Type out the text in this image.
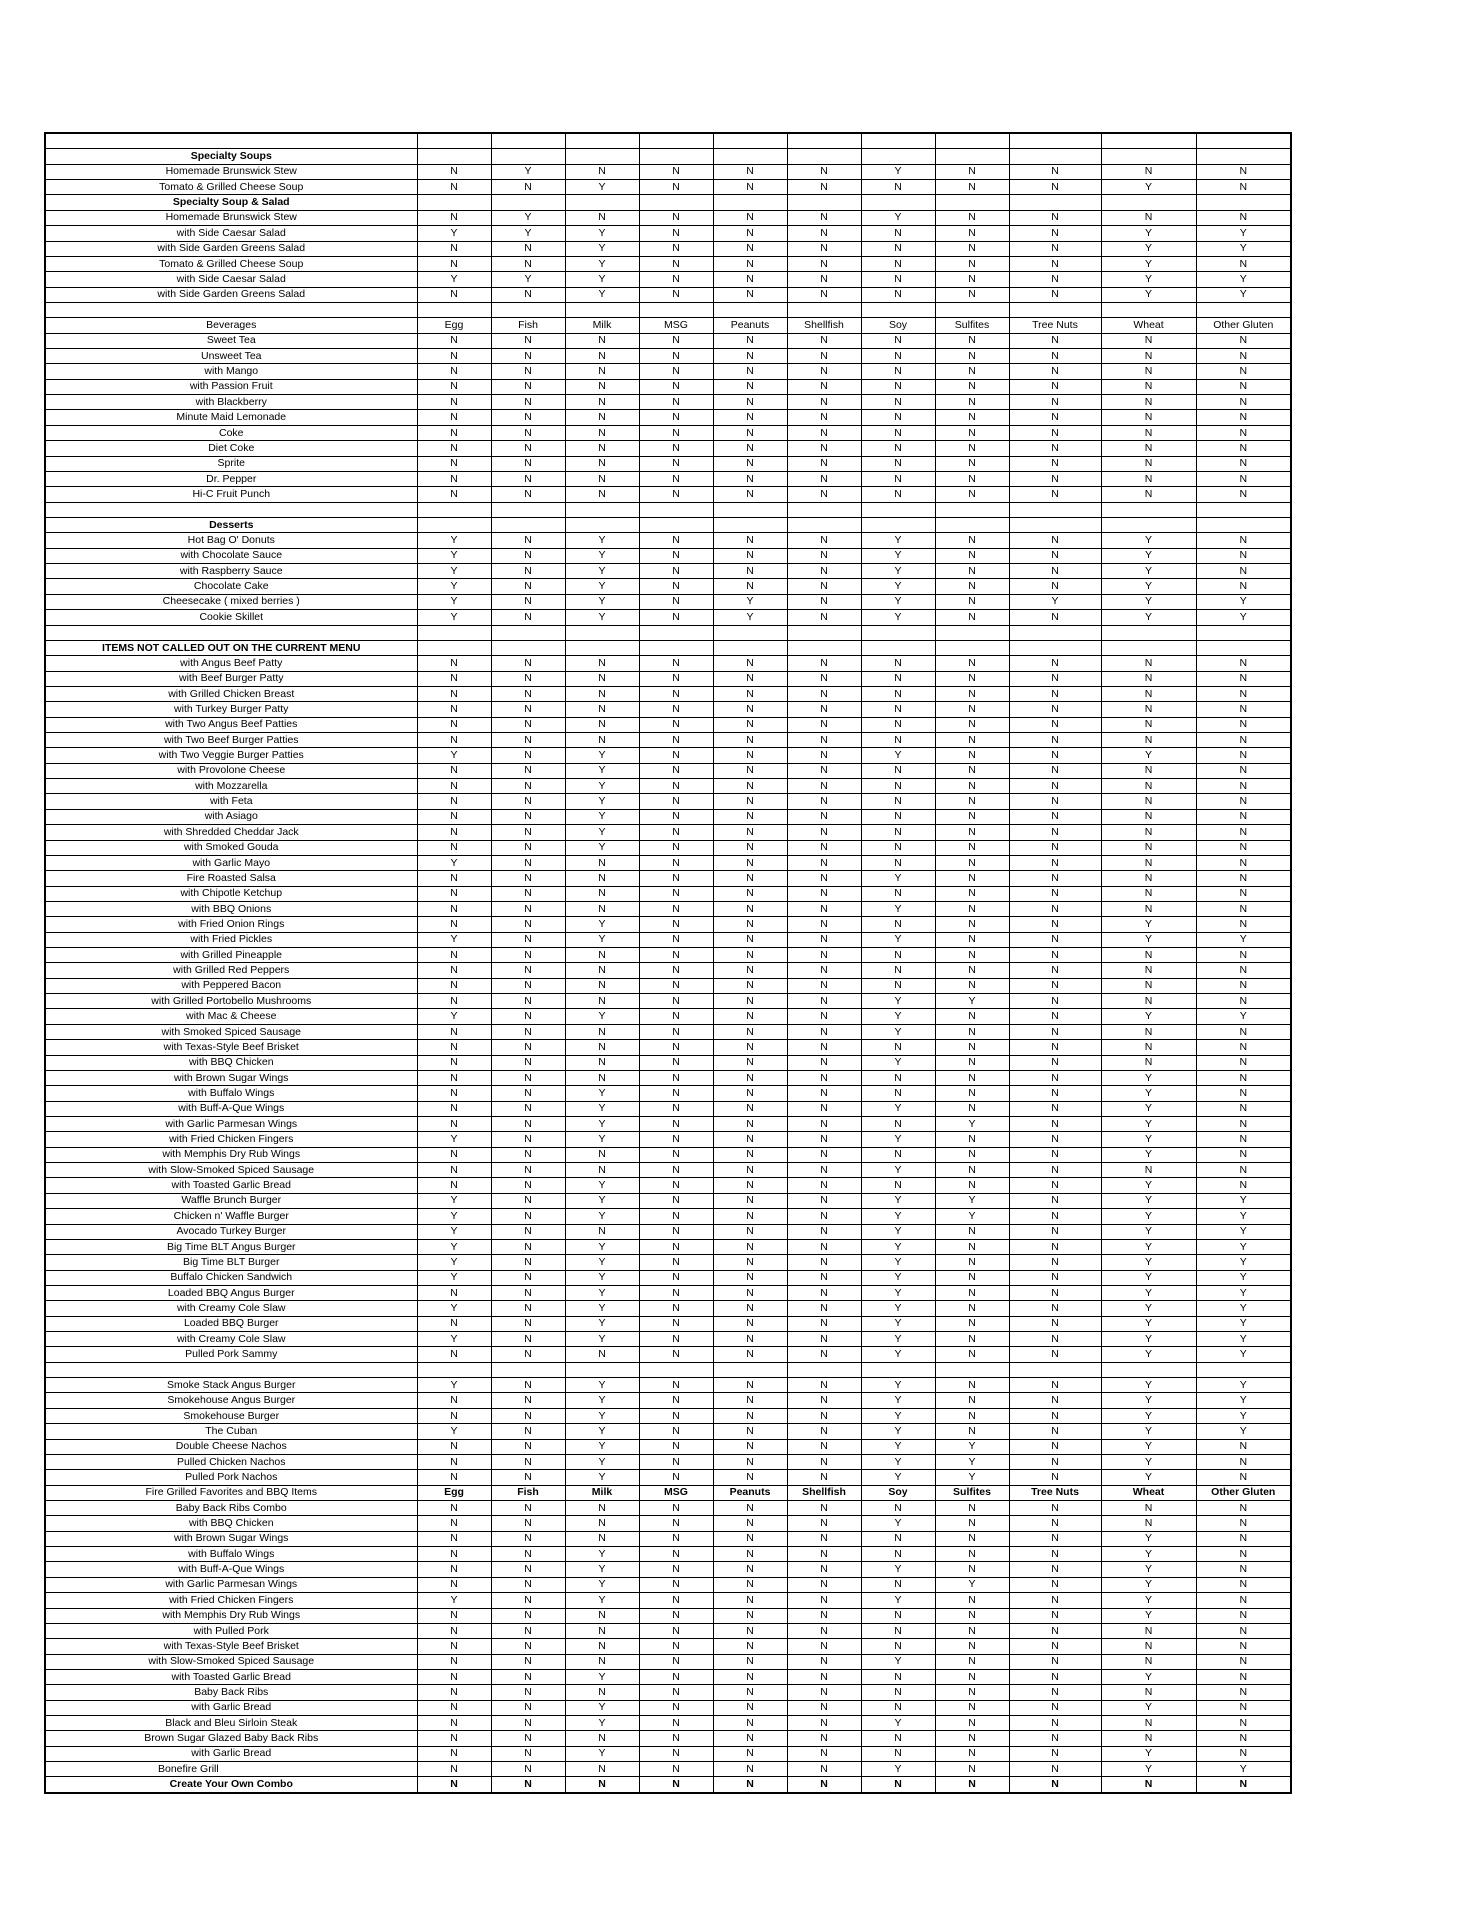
Specialty Soups											
Homemade Brunswick Stew	N	Y	N	N	N	N	Y	N	N	N	N
Tomato & Grilled Cheese Soup	N	N	Y	N	N	N	N	N	N	Y	N
Specialty Soup & Salad											
Homemade Brunswick Stew	N	Y	N	N	N	N	Y	N	N	N	N
with Side Caesar Salad	Y	Y	Y	N	N	N	N	N	N	Y	Y
with Side Garden Greens Salad	N	N	Y	N	N	N	N	N	N	Y	Y
Tomato & Grilled Cheese Soup	N	N	Y	N	N	N	N	N	N	Y	N
with Side Caesar Salad	Y	Y	Y	N	N	N	N	N	N	Y	Y
with Side Garden Greens Salad	N	N	Y	N	N	N	N	N	N	Y	Y

Beverages	Egg	Fish	Milk	MSG	Peanuts	Shellfish	Soy	Sulfites	Tree Nuts	Wheat	Other Gluten
Sweet Tea	N	N	N	N	N	N	N	N	N	N	N
Unsweet Tea	N	N	N	N	N	N	N	N	N	N	N
with Mango	N	N	N	N	N	N	N	N	N	N	N
with Passion Fruit	N	N	N	N	N	N	N	N	N	N	N
with Blackberry	N	N	N	N	N	N	N	N	N	N	N
Minute Maid Lemonade	N	N	N	N	N	N	N	N	N	N	N
Coke	N	N	N	N	N	N	N	N	N	N	N
Diet Coke	N	N	N	N	N	N	N	N	N	N	N
Sprite	N	N	N	N	N	N	N	N	N	N	N
Dr. Pepper	N	N	N	N	N	N	N	N	N	N	N
Hi-C Fruit Punch	N	N	N	N	N	N	N	N	N	N	N

Desserts											
Hot Bag O' Donuts	Y	N	Y	N	N	N	Y	N	N	Y	N
with Chocolate Sauce	Y	N	Y	N	N	N	Y	N	N	Y	N
with Raspberry Sauce	Y	N	Y	N	N	N	Y	N	N	Y	N
Chocolate Cake	Y	N	Y	N	N	N	Y	N	N	Y	N
Cheesecake ( mixed berries )	Y	N	Y	N	Y	N	Y	N	Y	Y	Y
Cookie Skillet	Y	N	Y	N	Y	N	Y	N	N	Y	Y

ITEMS NOT CALLED OUT ON THE CURRENT MENU											
with Angus Beef Patty	N	N	N	N	N	N	N	N	N	N	N
with Beef Burger Patty	N	N	N	N	N	N	N	N	N	N	N
with Grilled Chicken Breast	N	N	N	N	N	N	N	N	N	N	N
with Turkey Burger Patty	N	N	N	N	N	N	N	N	N	N	N
with Two Angus Beef Patties	N	N	N	N	N	N	N	N	N	N	N
with Two Beef Burger Patties	N	N	N	N	N	N	N	N	N	N	N
with Two Veggie Burger Patties	Y	N	Y	N	N	N	Y	N	N	Y	N
with Provolone Cheese	N	N	Y	N	N	N	N	N	N	N	N
with Mozzarella	N	N	Y	N	N	N	N	N	N	N	N
with Feta	N	N	Y	N	N	N	N	N	N	N	N
with Asiago	N	N	Y	N	N	N	N	N	N	N	N
with Shredded Cheddar Jack	N	N	Y	N	N	N	N	N	N	N	N
with Smoked Gouda	N	N	Y	N	N	N	N	N	N	N	N
with Garlic Mayo	Y	N	N	N	N	N	N	N	N	N	N
Fire Roasted Salsa	N	N	N	N	N	N	Y	N	N	N	N
with Chipotle Ketchup	N	N	N	N	N	N	N	N	N	N	N
with BBQ Onions	N	N	N	N	N	N	Y	N	N	N	N
with Fried Onion Rings	N	N	Y	N	N	N	N	N	N	Y	N
with Fried Pickles	Y	N	Y	N	N	N	Y	N	N	Y	Y
with Grilled Pineapple	N	N	N	N	N	N	N	N	N	N	N
with Grilled Red Peppers	N	N	N	N	N	N	N	N	N	N	N
with Peppered Bacon	N	N	N	N	N	N	N	N	N	N	N
with Grilled Portobello Mushrooms	N	N	N	N	N	N	Y	Y	N	N	N
with Mac & Cheese	Y	N	Y	N	N	N	Y	N	N	Y	Y
with Smoked Spiced Sausage	N	N	N	N	N	N	Y	N	N	N	N
with Texas-Style Beef Brisket	N	N	N	N	N	N	N	N	N	N	N
with BBQ Chicken	N	N	N	N	N	N	Y	N	N	N	N
with Brown Sugar Wings	N	N	N	N	N	N	N	N	N	Y	N
with Buffalo Wings	N	N	Y	N	N	N	N	N	N	Y	N
with Buff-A-Que Wings	N	N	Y	N	N	N	Y	N	N	Y	N
with Garlic Parmesan Wings	N	N	Y	N	N	N	N	Y	N	Y	N
with Fried Chicken Fingers	Y	N	Y	N	N	N	Y	N	N	Y	N
with Memphis Dry Rub Wings	N	N	N	N	N	N	N	N	N	Y	N
with Slow-Smoked Spiced Sausage	N	N	N	N	N	N	Y	N	N	N	N
with Toasted Garlic Bread	N	N	Y	N	N	N	N	N	N	Y	N
Waffle Brunch Burger	Y	N	Y	N	N	N	Y	Y	N	Y	Y
Chicken n' Waffle Burger	Y	N	Y	N	N	N	Y	Y	N	Y	Y
Avocado Turkey Burger	Y	N	N	N	N	N	Y	N	N	Y	Y
Big Time BLT Angus Burger	Y	N	Y	N	N	N	Y	N	N	Y	Y
Big Time BLT Burger	Y	N	Y	N	N	N	Y	N	N	Y	Y
Buffalo Chicken Sandwich	Y	N	Y	N	N	N	Y	N	N	Y	Y
Loaded BBQ Angus Burger	N	N	Y	N	N	N	Y	N	N	Y	Y
with Creamy Cole Slaw	Y	N	Y	N	N	N	Y	N	N	Y	Y
Loaded BBQ Burger	N	N	Y	N	N	N	Y	N	N	Y	Y
with Creamy Cole Slaw	Y	N	Y	N	N	N	Y	N	N	Y	Y
Pulled Pork Sammy	N	N	N	N	N	N	Y	N	N	Y	Y

Smoke Stack Angus Burger	Y	N	Y	N	N	N	Y	N	N	Y	Y
Smokehouse Angus Burger	N	N	Y	N	N	N	Y	N	N	Y	Y
Smokehouse Burger	N	N	Y	N	N	N	Y	N	N	Y	Y
The Cuban	Y	N	Y	N	N	N	Y	N	N	Y	Y
Double Cheese Nachos	N	N	Y	N	N	N	Y	Y	N	Y	N
Pulled Chicken Nachos	N	N	Y	N	N	N	Y	Y	N	Y	N
Pulled Pork Nachos	N	N	Y	N	N	N	Y	Y	N	Y	N
Fire Grilled Favorites and BBQ Items	Egg	Fish	Milk	MSG	Peanuts	Shellfish	Soy	Sulfites	Tree Nuts	Wheat	Other Gluten
Baby Back Ribs Combo	N	N	N	N	N	N	N	N	N	N	N
with BBQ Chicken	N	N	N	N	N	N	Y	N	N	N	N
with Brown Sugar Wings	N	N	N	N	N	N	N	N	N	Y	N
with Buffalo Wings	N	N	Y	N	N	N	N	N	N	Y	N
with Buff-A-Que Wings	N	N	Y	N	N	N	Y	N	N	Y	N
with Garlic Parmesan Wings	N	N	Y	N	N	N	N	Y	N	Y	N
with Fried Chicken Fingers	Y	N	Y	N	N	N	Y	N	N	Y	N
with Memphis Dry Rub Wings	N	N	N	N	N	N	N	N	N	Y	N
with Pulled Pork	N	N	N	N	N	N	N	N	N	N	N
with Texas-Style Beef Brisket	N	N	N	N	N	N	N	N	N	N	N
with Slow-Smoked Spiced Sausage	N	N	N	N	N	N	Y	N	N	N	N
with Toasted Garlic Bread	N	N	Y	N	N	N	N	N	N	Y	N
Baby Back Ribs	N	N	N	N	N	N	N	N	N	N	N
with Garlic Bread	N	N	Y	N	N	N	N	N	N	Y	N
Black and Bleu Sirloin Steak	N	N	Y	N	N	N	Y	N	N	N	N
Brown Sugar Glazed Baby Back Ribs	N	N	N	N	N	N	N	N	N	N	N
with Garlic Bread	N	N	Y	N	N	N	N	N	N	Y	N
Bonefire Grill	N	N	N	N	N	N	Y	N	N	Y	Y
Create Your Own Combo	N	N	N	N	N	N	N	N	N	N	N
